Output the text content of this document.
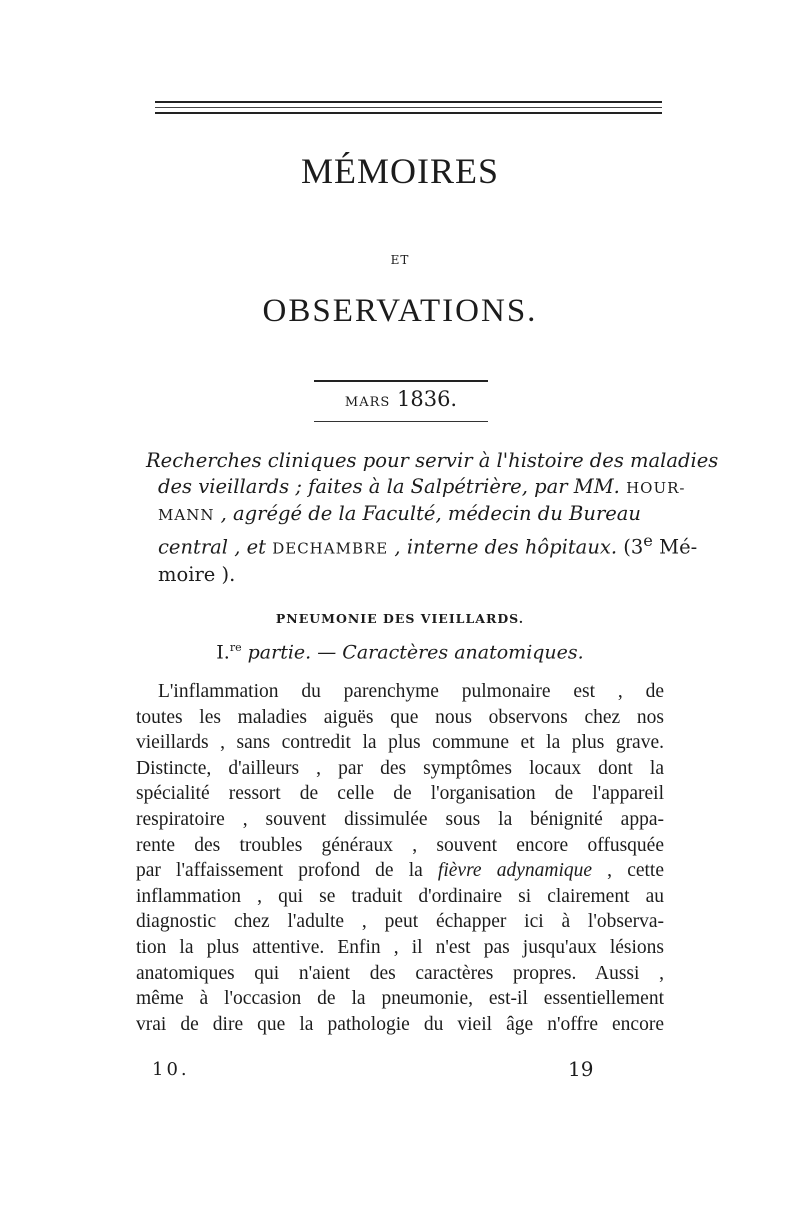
MÉMOIRES
ET
OBSERVATIONS.
MARS 1836.

Recherches cliniques pour servir à l'histoire des maladies
des vieillards ; faites à la Salpétrière, par MM. HOUR-
MANN , agrégé de la Faculté, médecin du Bureau
central , et DECHAMBRE , interne des hôpitaux. (3e Mé-
moire ).

PNEUMONIE DES VIEILLARDS.
I.$^{re}$ partie. — Caractères anatomiques.

L'inflammation du parenchyme pulmonaire est , de
toutes les maladies aiguës que nous observons chez nos
vieillards , sans contredit la plus commune et la plus grave.
Distincte, d'ailleurs , par des symptômes locaux dont la
spécialité ressort de celle de l'organisation de l'appareil
respiratoire , souvent dissimulée sous la bénignité appa-
rente des troubles généraux , souvent encore offusquée
par l'affaissement profond de la fièvre adynamique , cette
inflammation , qui se traduit d'ordinaire si clairement au
diagnostic chez l'adulte , peut échapper ici à l'observa-
tion la plus attentive. Enfin , il n'est pas jusqu'aux lésions
anatomiques qui n'aient des caractères propres. Aussi ,
même à l'occasion de la pneumonie, est-il essentiellement
vrai de dire que la pathologie du vieil âge n'offre encore

10.	19
